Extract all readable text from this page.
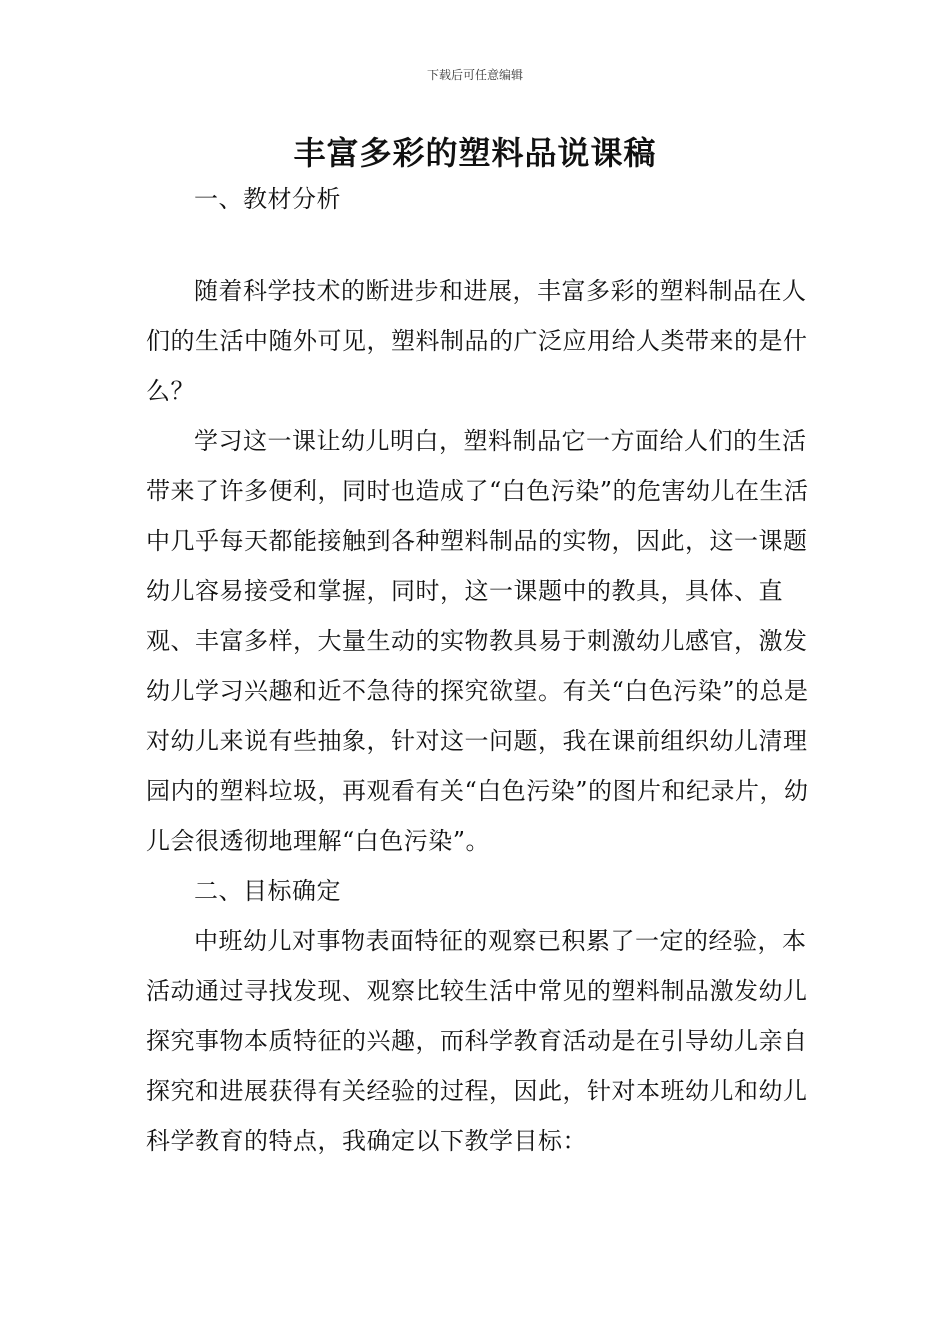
下载后可任意编辑
丰富多彩的塑料品说课稿

一、教材分析

随着科学技术的断进步和进展，丰富多彩的塑料制品在人们的生活中随外可见，塑料制品的广泛应用给人类带来的是什么？

学习这一课让幼儿明白，塑料制品它一方面给人们的生活带来了许多便利，同时也造成了“白色污染”的危害幼儿在生活中几乎每天都能接触到各种塑料制品的实物，因此，这一课题幼儿容易接受和掌握，同时，这一课题中的教具，具体、直观、丰富多样，大量生动的实物教具易于刺激幼儿感官，激发幼儿学习兴趣和近不急待的探究欲望。有关“白色污染”的总是对幼儿来说有些抽象，针对这一问题，我在课前组织幼儿清理园内的塑料垃圾，再观看有关“白色污染”的图片和纪录片，幼儿会很透彻地理解“白色污染”。

二、目标确定

中班幼儿对事物表面特征的观察已积累了一定的经验，本活动通过寻找发现、观察比较生活中常见的塑料制品激发幼儿探究事物本质特征的兴趣，而科学教育活动是在引导幼儿亲自探究和进展获得有关经验的过程，因此，针对本班幼儿和幼儿科学教育的特点，我确定以下教学目标：
